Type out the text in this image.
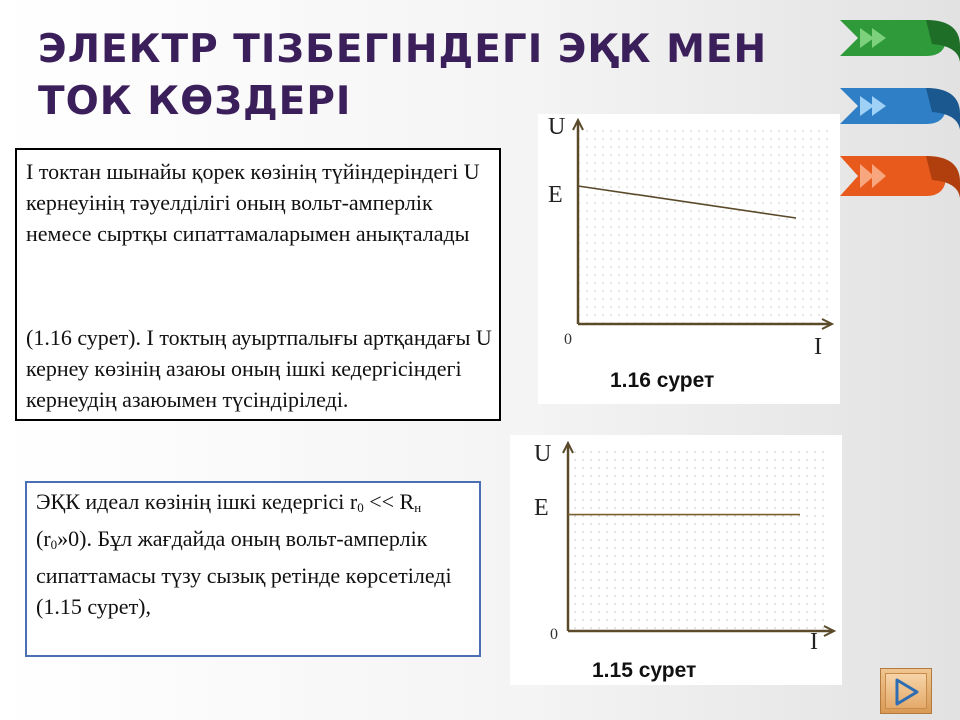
ЭЛЕКТР ТІЗБЕГІНДЕГІ ЭҚК МЕН
ТОК КӨЗДЕРІ

І токтан шынайы қорек көзінің түйіндеріндегі U кернеуінің тәуелділігі оның вольт-амперлік немесе сыртқы сипаттамаларымен анықталады

(1.16 сурет). І токтың ауыртпалығы артқандағы U кернеу көзінің азаюы оның ішкі кедергісіндегі кернеудің азаюымен түсіндіріледі.

ЭҚК идеал көзінің ішкі кедергісі $r_0 << R_н$ $(r_0»0)$. Бұл жағдайда оның вольт-амперлік сипаттамасы түзу сызық ретінде көрсетіледі (1.15 сурет),

U
E
0	I
1.16 сурет
U
E
0	I
1.15 сурет
